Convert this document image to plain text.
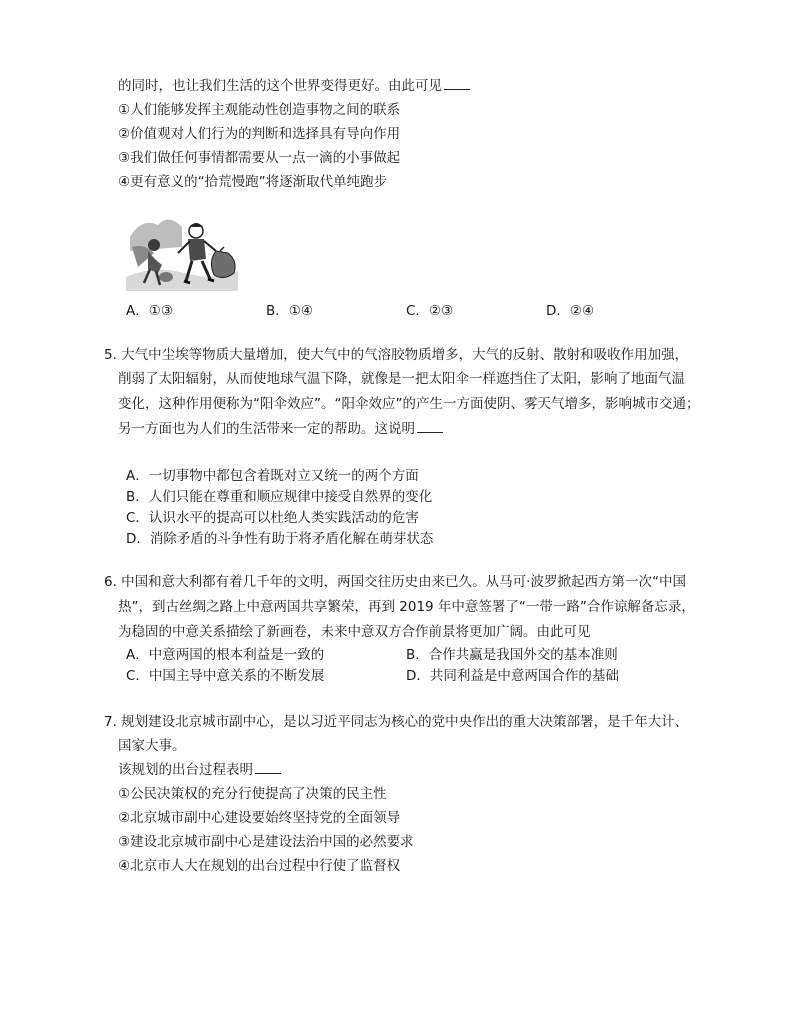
的同时，也让我们生活的这个世界变得更好。由此可见
①人们能够发挥主观能动性创造事物之间的联系
②价值观对人们行为的判断和选择具有导向作用
③我们做任何事情都需要从一点一滴的小事做起
④更有意义的“拾荒慢跑”将逐渐取代单纯跑步
A．①③	B．①④	C．②③	D．②④
5. 大气中尘埃等物质大量增加，使大气中的气溶胶物质增多，大气的反射、散射和吸收作用加强，
削弱了太阳辐射，从而使地球气温下降，就像是一把太阳伞一样遮挡住了太阳，影响了地面气温
变化，这种作用便称为“阳伞效应”。“阳伞效应”的产生一方面使阴、雾天气增多，影响城市交通；
另一方面也为人们的生活带来一定的帮助。这说明
A．一切事物中都包含着既对立又统一的两个方面
B．人们只能在尊重和顺应规律中接受自然界的变化
C．认识水平的提高可以杜绝人类实践活动的危害
D．消除矛盾的斗争性有助于将矛盾化解在萌芽状态
6. 中国和意大利都有着几千年的文明，两国交往历史由来已久。从马可·波罗掀起西方第一次“中国
热”，到古丝绸之路上中意两国共享繁荣，再到 2019 年中意签署了“一带一路”合作谅解备忘录，
为稳固的中意关系描绘了新画卷，未来中意双方合作前景将更加广阔。由此可见
A．中意两国的根本利益是一致的	B．合作共赢是我国外交的基本准则
C．中国主导中意关系的不断发展	D．共同利益是中意两国合作的基础
7. 规划建设北京城市副中心，是以习近平同志为核心的党中央作出的重大决策部署，是千年大计、
国家大事。
该规划的出台过程表明
①公民决策权的充分行使提高了决策的民主性
②北京城市副中心建设要始终坚持党的全面领导
③建设北京城市副中心是建设法治中国的必然要求
④北京市人大在规划的出台过程中行使了监督权
